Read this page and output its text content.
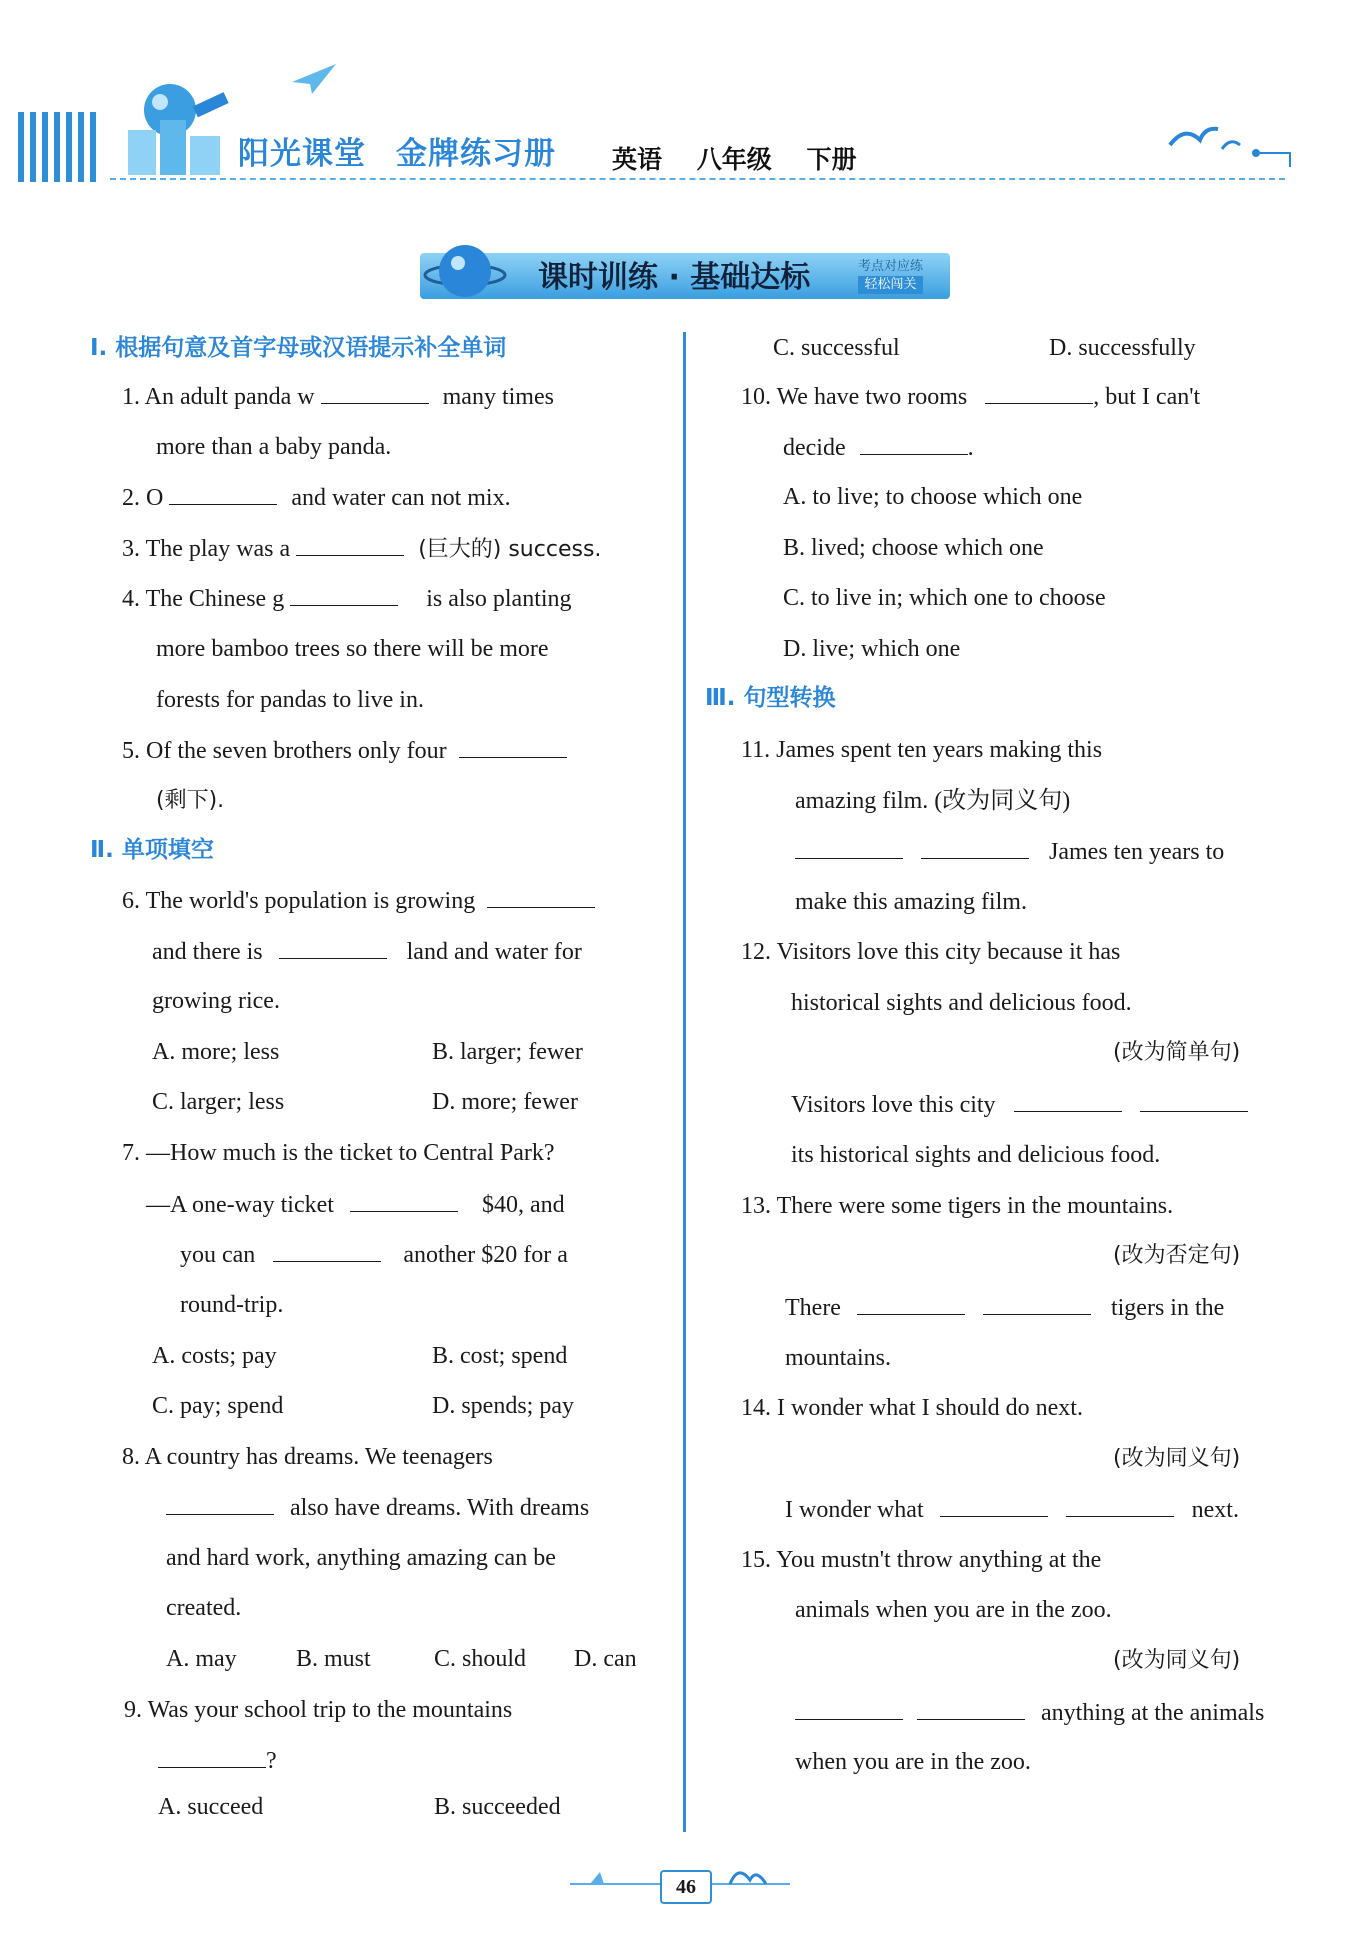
阳光课堂 金牌练习册 英语 八年级 下册
课时训练 · 基础达标	考点对应练
轻松闯关
Ⅰ. 根据句意及首字母或汉语提示补全单词
1. An adult panda w	many times
more than a baby panda.
2. O	and water can not mix.
3. The play was a	(巨大的) success.
4. The Chinese g	is also planting
more bamboo trees so there will be more
forests for pandas to live in.
5. Of the seven brothers only four
(剩下).
Ⅱ. 单项填空
6. The world's population is growing
and there is	land and water for
growing rice.
A. more; less	B. larger; fewer
C. larger; less	D. more; fewer
7. —How much is the ticket to Central Park?
—A one-way ticket	$40, and
you can	another $20 for a
round-trip.
A. costs; pay	B. cost; spend
C. pay; spend	D. spends; pay
8. A country has dreams. We teenagers
also have dreams. With dreams
and hard work, anything amazing can be
created.
A. may B. must	C. should D. can
9. Was your school trip to the mountains
?
A. succeed	B. succeeded
C. successful	D. successfully
10. We have two rooms	, but I can't
decide	.
A. to live; to choose which one
B. lived; choose which one
C. to live in; which one to choose
D. live; which one
Ⅲ. 句型转换
11. James spent ten years making this
amazing film. (改为同义句)
James ten years to
make this amazing film.
12. Visitors love this city because it has
historical sights and delicious food.
(改为简单句)
Visitors love this city
its historical sights and delicious food.
13. There were some tigers in the mountains.
(改为否定句)
There	tigers in the
mountains.
14. I wonder what I should do next.
(改为同义句)
I wonder what	next.
15. You mustn't throw anything at the
animals when you are in the zoo.
(改为同义句)
anything at the animals
when you are in the zoo.
46
